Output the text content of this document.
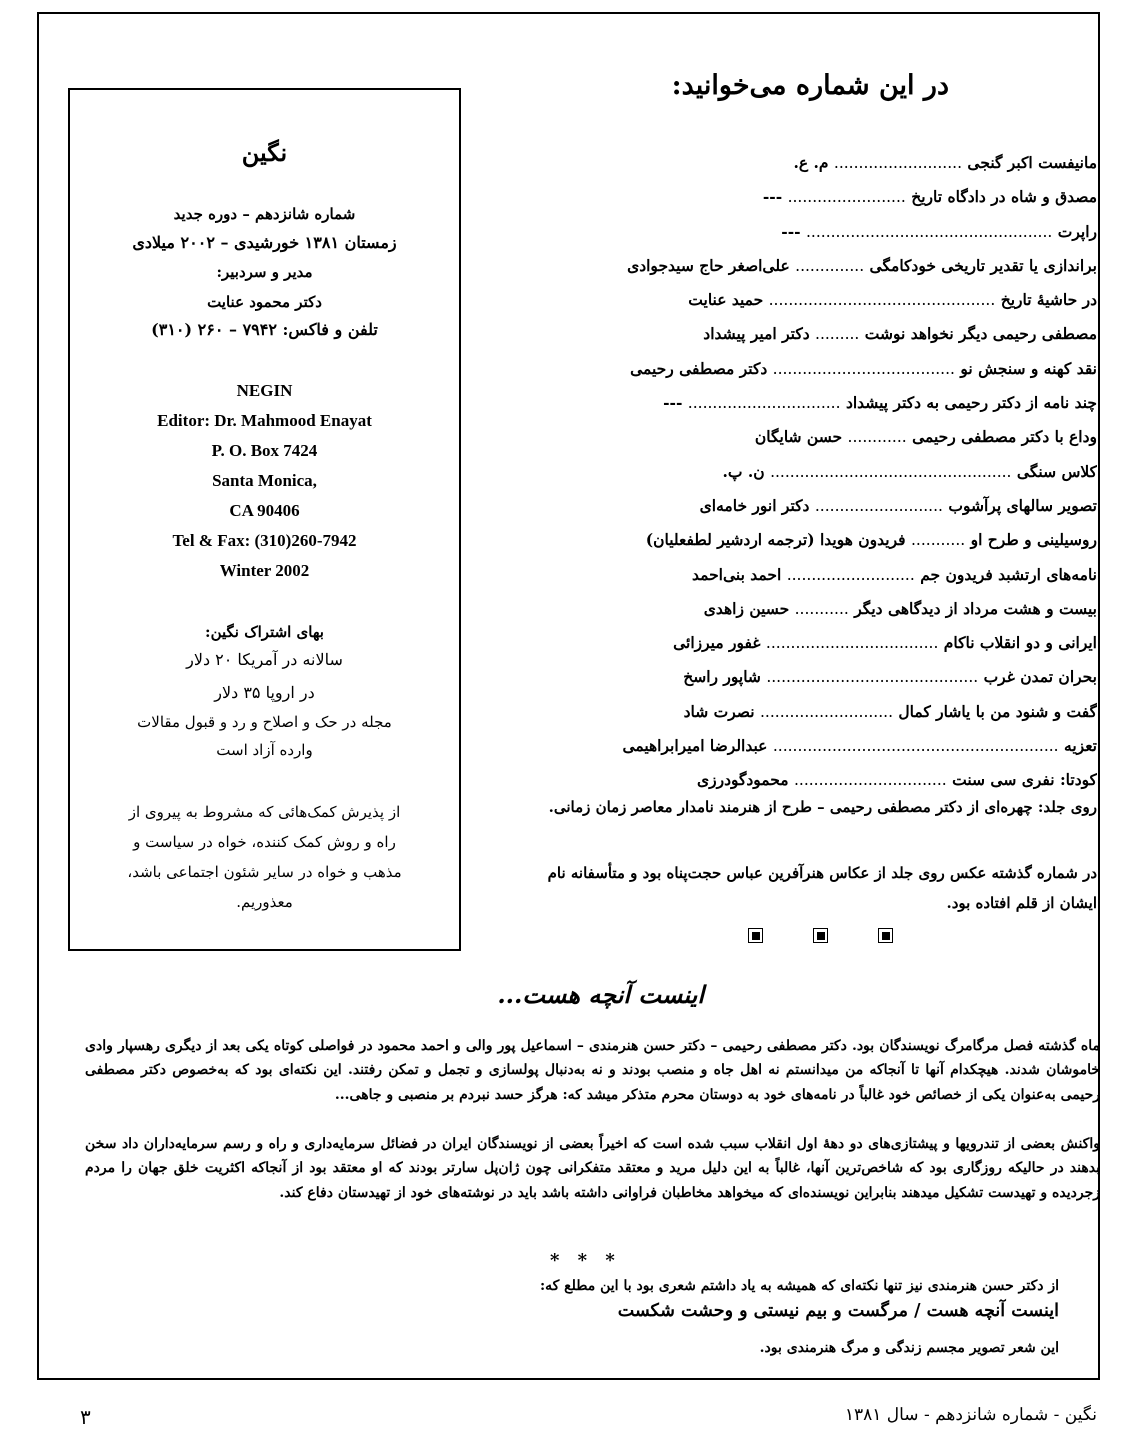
در این شماره می‌خوانید:
مانیفست اکبر گنجی .......................... م. ع.
مصدق و شاه در دادگاه تاریخ ........................ ---
راپرت .................................................. ---
براندازی یا تقدیر تاریخی خودکامگی .............. علی‌اصغر حاج سیدجوادی
در حاشیهٔ تاریخ .............................................. حمید عنایت
مصطفی رحیمی دیگر نخواهد نوشت ......... دکتر امیر پیشداد
نقد کهنه و سنجش نو ..................................... دکتر مصطفی رحیمی
چند نامه از دکتر رحیمی به دکتر پیشداد ............................... ---
وداع با دکتر مصطفی رحیمی ............ حسن شایگان
کلاس سنگی ................................................. ن. پ.
تصویر سالهای پرآشوب .......................... دکتر انور خامه‌ای
روسیلینی و طرح او ........... فریدون هویدا (ترجمه اردشیر لطفعلیان)
نامه‌های ارتشبد فریدون جم .......................... احمد بنی‌احمد
بیست و هشت مرداد از دیدگاهی دیگر ........... حسین زاهدی
ایرانی و دو انقلاب ناکام ................................... غفور میرزائی
بحران تمدن غرب ........................................... شاپور راسخ
گفت و شنود من با یاشار کمال ........................... نصرت شاد
تعزیه .......................................................... عبدالرضا امیرابراهیمی
کودتا: نفری سی سنت ............................... محمودگودرزی
روی جلد: چهره‌ای از دکتر مصطفی رحیمی – طرح از هنرمند نامدار معاصر زمان زمانی.
در شماره گذشته عکس روی جلد از عکاس هنرآفرین عباس حجت‌پناه بود و متأسفانه نام ایشان از قلم افتاده بود.
نگین
شماره شانزدهم – دوره جدید
زمستان ۱۳۸۱ خورشیدی – ۲۰۰۲ میلادی
مدیر و سردبیر:
دکتر محمود عنایت
تلفن و فاکس: ۷۹۴۲ – ۲۶۰ (۳۱۰)
NEGIN
Editor: Dr. Mahmood Enayat
P. O. Box 7424
Santa Monica,
CA 90406
Tel & Fax: (310)260-7942
Winter 2002
بهای اشتراک نگین:
سالانه در آمریکا ۲۰ دلار
در اروپا ۳۵ دلار
مجله در حک و اصلاح و رد و قبول مقالات
وارده آزاد است
از پذیرش کمک‌هائی که مشروط به پیروی از
راه و روش کمک کننده، خواه در سیاست و
مذهب و خواه در سایر شئون اجتماعی باشد،
معذوریم.
اینست آنچه هست...

ماه گذشته فصل مرگامرگ نویسندگان بود. دکتر مصطفی رحیمی – دکتر حسن هنرمندی – اسماعیل پور والی و احمد محمود در فواصلی کوتاه یکی بعد از دیگری رهسپار وادی خاموشان شدند. هیچکدام آنها تا آنجاکه من میدانستم نه اهل جاه و منصب بودند و نه به‌دنبال پولسازی و تجمل و تمکن رفتند. این نکته‌ای بود که به‌خصوص دکتر مصطفی رحیمی به‌عنوان یکی از خصائص خود غالباً در نامه‌های خود به دوستان محرم متذکر میشد که: هرگز حسد نبردم بر منصبی و جاهی...

واکنش بعضی از تندرویها و پیشتازی‌های دو دههٔ اول انقلاب سبب شده است که اخیراً بعضی از نویسندگان ایران در فضائل سرمایه‌داری و راه و رسم سرمایه‌داران داد سخن بدهند در حالیکه روزگاری بود که شاخص‌ترین آنها، غالباً به این دلیل مرید و معتقد متفکرانی چون ژان‌پل سارتر بودند که او معتقد بود از آنجاکه اکثریت خلق جهان را مردم زجردیده و تهیدست تشکیل میدهند بنابراین نویسنده‌ای که میخواهد مخاطبان فراوانی داشته باشد باید در نوشته‌های خود از تهیدستان دفاع کند.

* * *
از دکتر حسن هنرمندی نیز تنها نکته‌ای که همیشه به یاد داشتم شعری بود با این مطلع که:
اینست آنچه هست / مرگست و بیم نیستی و وحشت شکست
این شعر تصویر مجسم زندگی و مرگ هنرمندی بود.
۳	نگین - شماره شانزدهم - سال ۱۳۸۱
